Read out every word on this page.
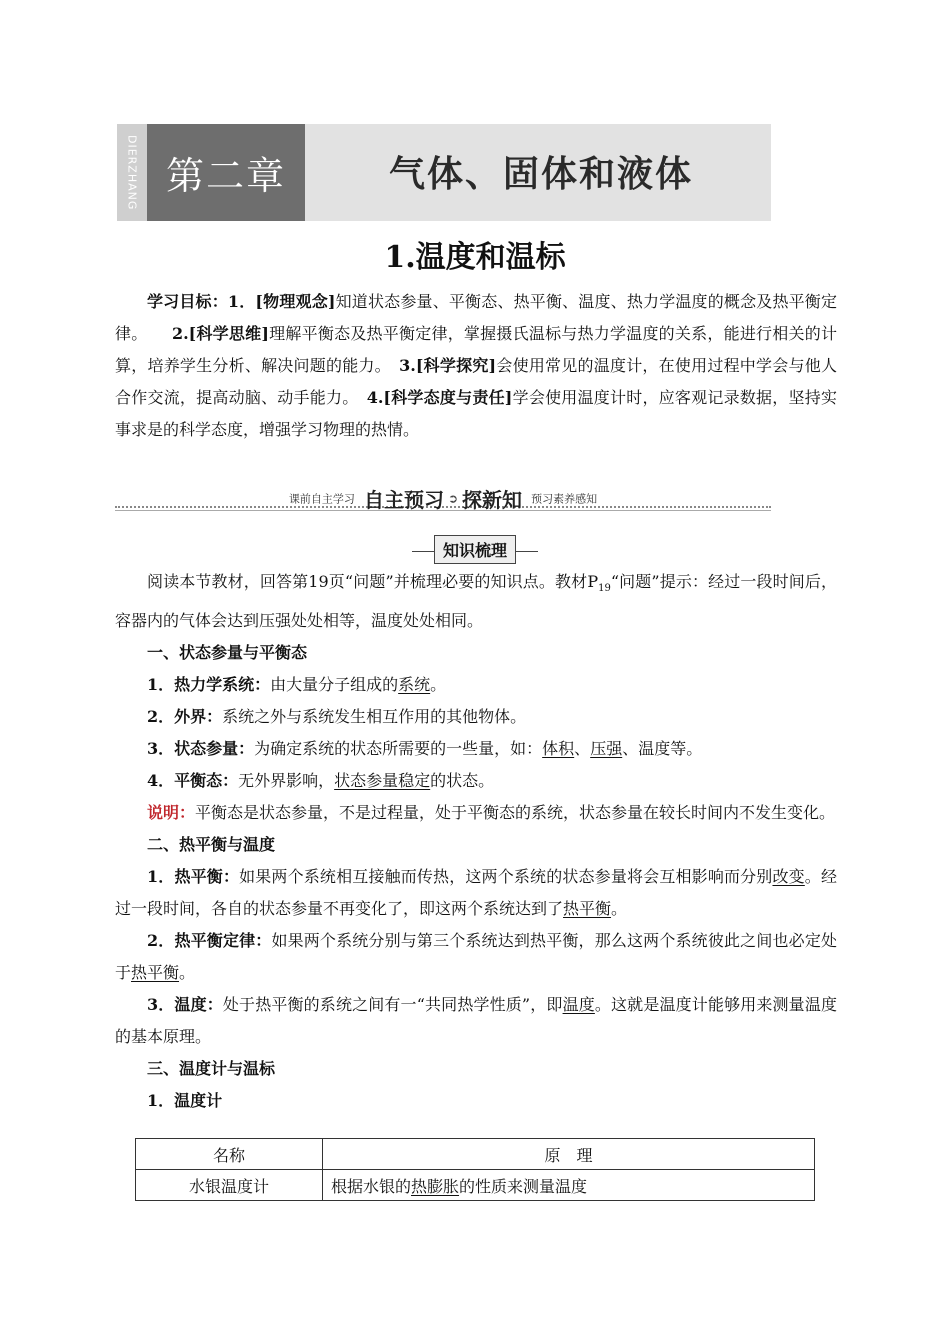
DIERZHANG 第二章	气体、固体和液体
1.温度和温标

学习目标：1．[物理观念]知道状态参量、平衡态、热平衡、温度、热力学温度的概念及热平衡定律。　　 2.[科学思维]理解平衡态及热平衡定律，掌握摄氏温标与热力学温度的关系，能进行相关的计算，培养学生分析、解决问题的能力。　 3.[科学探究]会使用常见的温度计，在使用过程中学会与他人合作交流，提高动脑、动手能力。　 4.[科学态度与责任]学会使用温度计时，应客观记录数据，坚持实事求是的科学态度，增强学习物理的热情。

课前自主学习 自主预习 ➲ 探新知 预习素养感知
知识梳理

阅读本节教材，回答第19页“问题”并梳理必要的知识点。教材$P_{19}“$问题”提示：经过一段时间后，容器内的气体会达到压强处处相等，温度处处相同。

一、状态参量与平衡态

1．热力学系统：由大量分子组成的系统。

2．外界：系统之外与系统发生相互作用的其他物体。

3．状态参量：为确定系统的状态所需要的一些量，如：体积、压强、温度等。

4．平衡态：无外界影响，状态参量稳定的状态。

说明：平衡态是状态参量，不是过程量，处于平衡态的系统，状态参量在较长时间内不发生变化。

二、热平衡与温度

1．热平衡：如果两个系统相互接触而传热，这两个系统的状态参量将会互相影响而分别改变。经过一段时间，各自的状态参量不再变化了，即这两个系统达到了热平衡。

2．热平衡定律：如果两个系统分别与第三个系统达到热平衡，那么这两个系统彼此之间也必定处于热平衡。

3．温度：处于热平衡的系统之间有一“共同热学性质”，即温度。这就是温度计能够用来测量温度的基本原理。

三、温度计与温标

1．温度计

名称	原　理
水银温度计	根据水银的热膨胀的性质来测量温度
